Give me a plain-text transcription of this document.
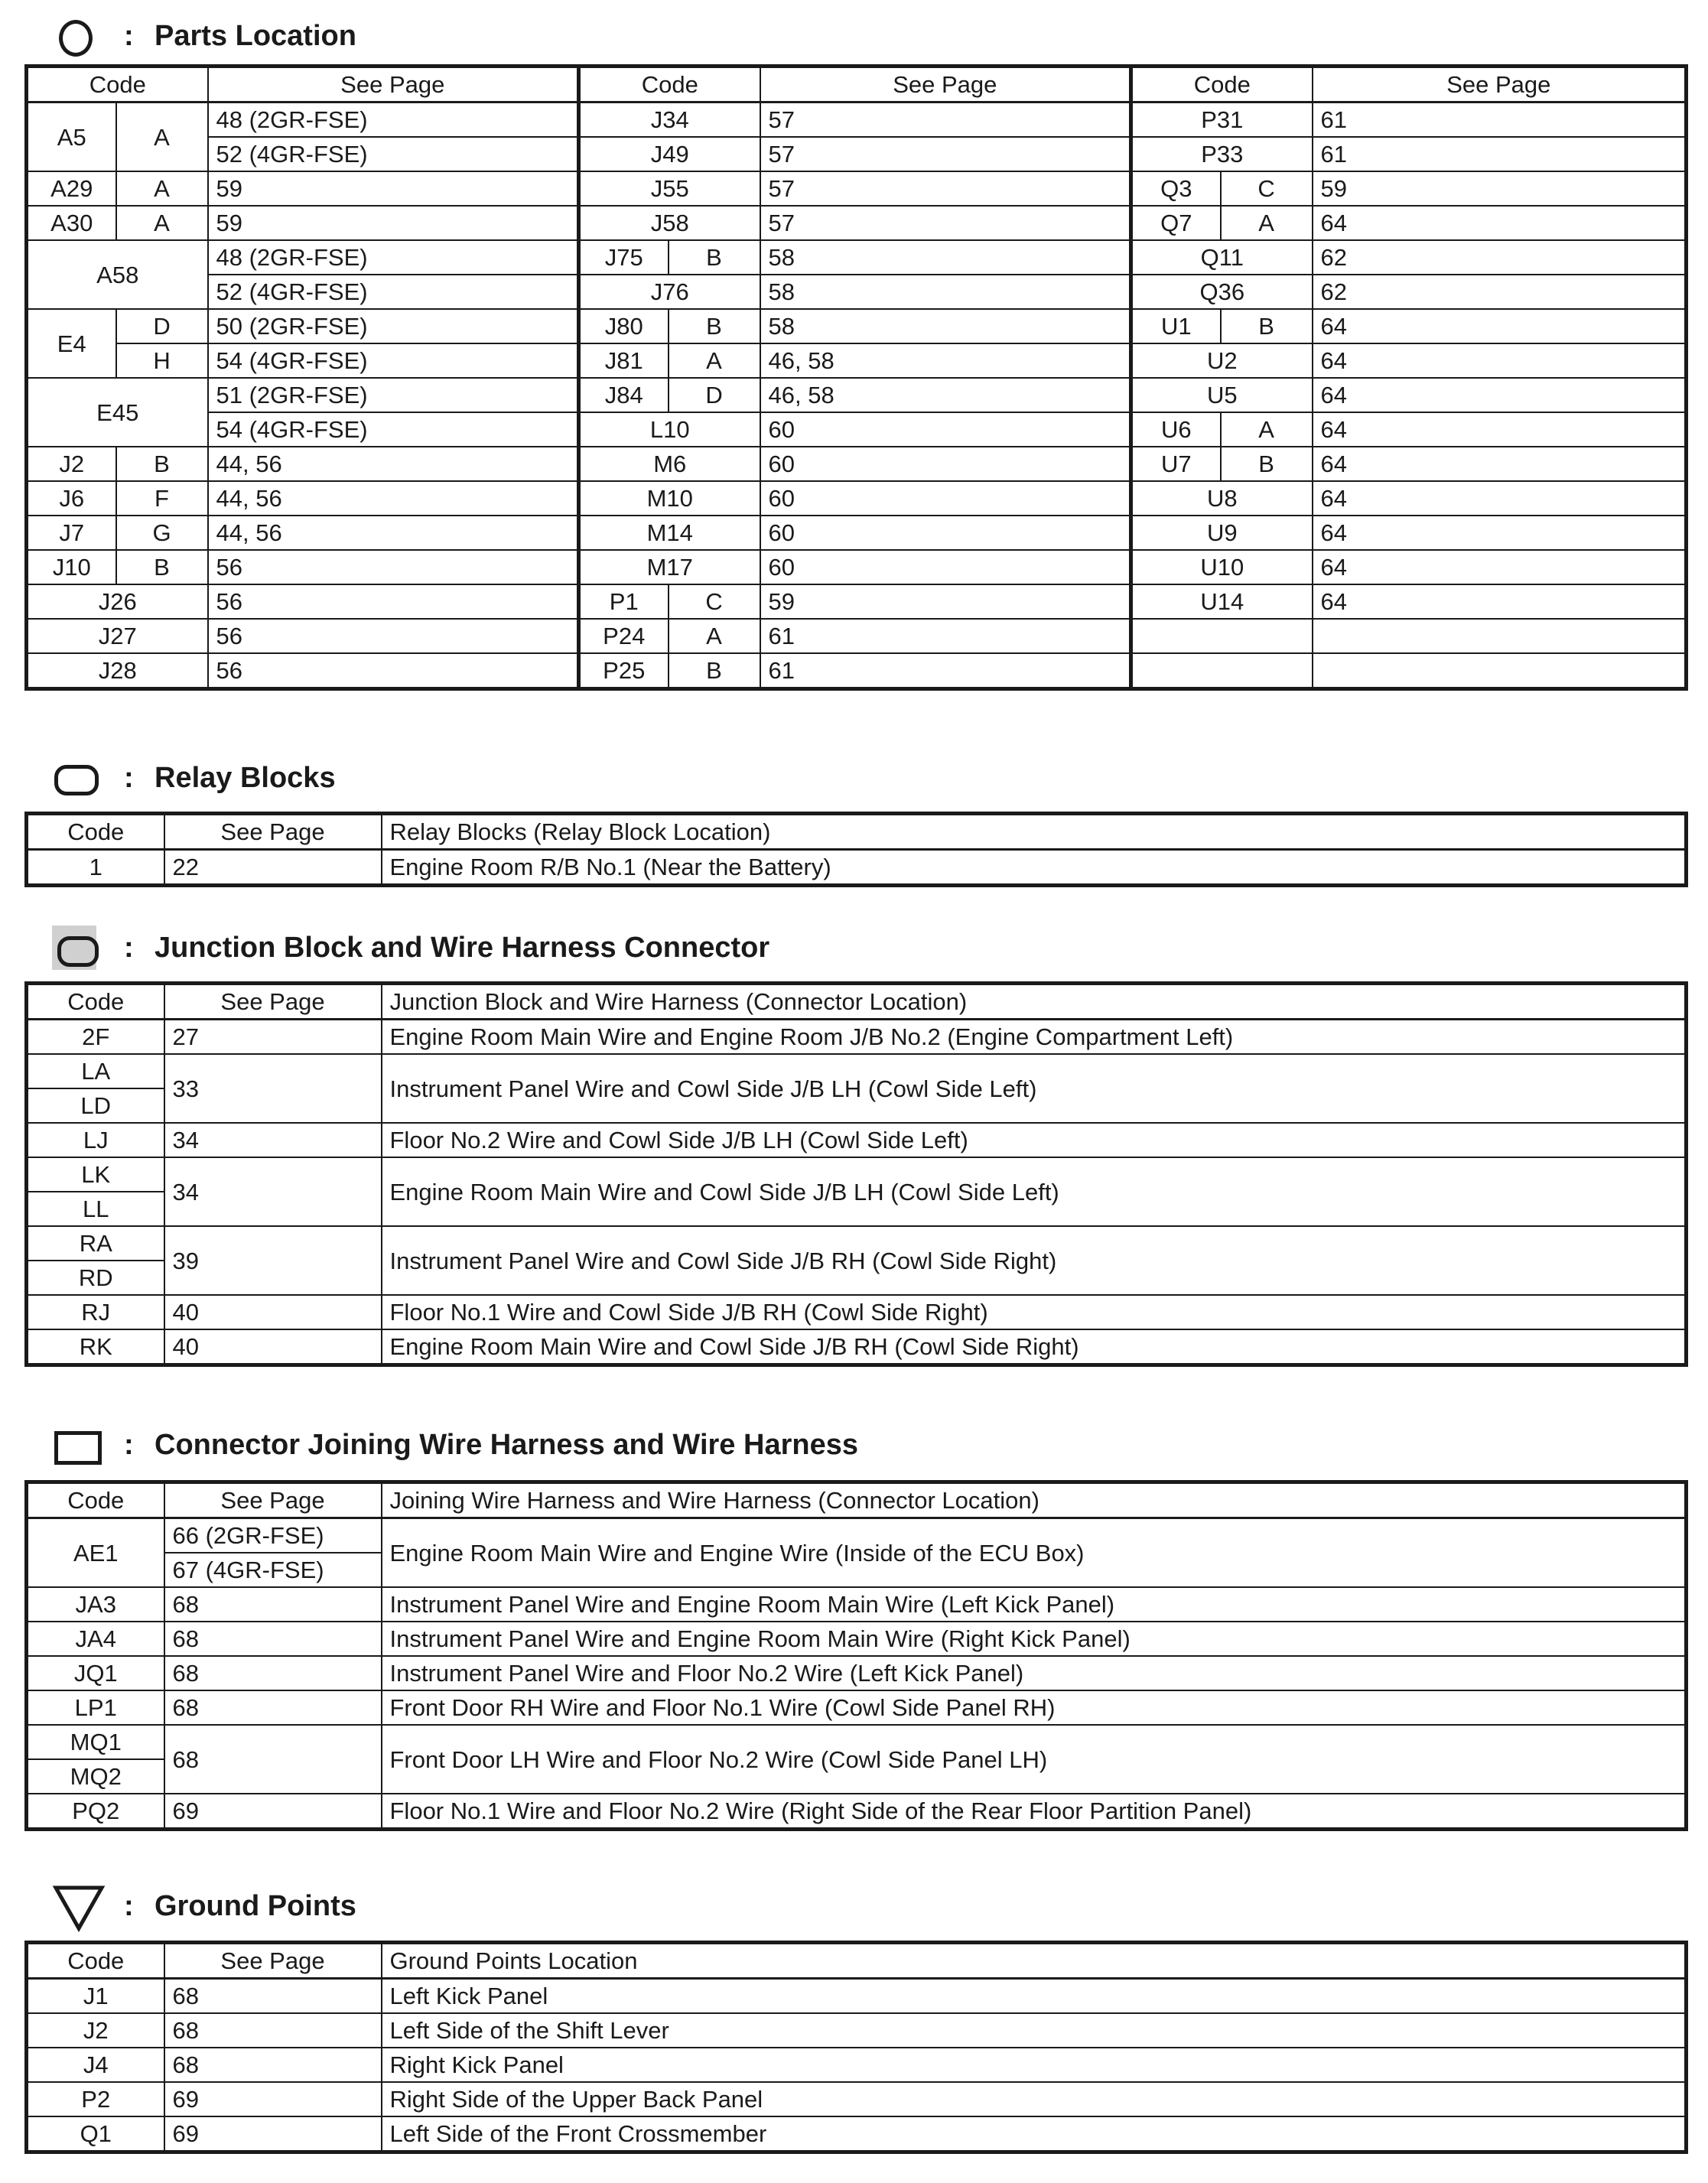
: Parts Location
Code		See Page	Code		See Page	Code		See Page
A5	A	48 (2GR-FSE)	J34		57	P31		61
		52 (4GR-FSE)	J49		57	P33		61
A29	A	59	J55		57	Q3	C	59
A30	A	59	J58		57	Q7	A	64
A58		48 (2GR-FSE)	J75	B	58	Q11		62
		52 (4GR-FSE)	J76		58	Q36		62
E4	D	50 (2GR-FSE)	J80	B	58	U1	B	64
	H	54 (4GR-FSE)	J81	A	46, 58	U2		64
E45		51 (2GR-FSE)	J84	D	46, 58	U5		64
		54 (4GR-FSE)	L10		60	U6	A	64
J2	B	44, 56	M6		60	U7	B	64
J6	F	44, 56	M10		60	U8		64
J7	G	44, 56	M14		60	U9		64
J10	B	56	M17		60	U10		64
J26		56	P1	C	59	U14		64
J27		56	P24	A	61			
J28		56	P25	B	61			
: Relay Blocks
Code	See Page	Relay Blocks (Relay Block Location)
1	22	Engine Room R/B No.1 (Near the Battery)
: Junction Block and Wire Harness Connector
Code	See Page	Junction Block and Wire Harness (Connector Location)
2F	27	Engine Room Main Wire and Engine Room J/B No.2 (Engine Compartment Left)
LA	33	Instrument Panel Wire and Cowl Side J/B LH (Cowl Side Left)
LD		
LJ	34	Floor No.2 Wire and Cowl Side J/B LH (Cowl Side Left)
LK	34	Engine Room Main Wire and Cowl Side J/B LH (Cowl Side Left)
LL		
RA	39	Instrument Panel Wire and Cowl Side J/B RH (Cowl Side Right)
RD		
RJ	40	Floor No.1 Wire and Cowl Side J/B RH (Cowl Side Right)
RK	40	Engine Room Main Wire and Cowl Side J/B RH (Cowl Side Right)
: Connector Joining Wire Harness and Wire Harness
Code	See Page	Joining Wire Harness and Wire Harness (Connector Location)
AE1	66 (2GR-FSE)	Engine Room Main Wire and Engine Wire (Inside of the ECU Box)
	67 (4GR-FSE)	
JA3	68	Instrument Panel Wire and Engine Room Main Wire (Left Kick Panel)
JA4	68	Instrument Panel Wire and Engine Room Main Wire (Right Kick Panel)
JQ1	68	Instrument Panel Wire and Floor No.2 Wire (Left Kick Panel)
LP1	68	Front Door RH Wire and Floor No.1 Wire (Cowl Side Panel RH)
MQ1	68	Front Door LH Wire and Floor No.2 Wire (Cowl Side Panel LH)
MQ2		
PQ2	69	Floor No.1 Wire and Floor No.2 Wire (Right Side of the Rear Floor Partition Panel)
: Ground Points
Code	See Page	Ground Points Location
J1	68	Left Kick Panel
J2	68	Left Side of the Shift Lever
J4	68	Right Kick Panel
P2	69	Right Side of the Upper Back Panel
Q1	69	Left Side of the Front Crossmember
